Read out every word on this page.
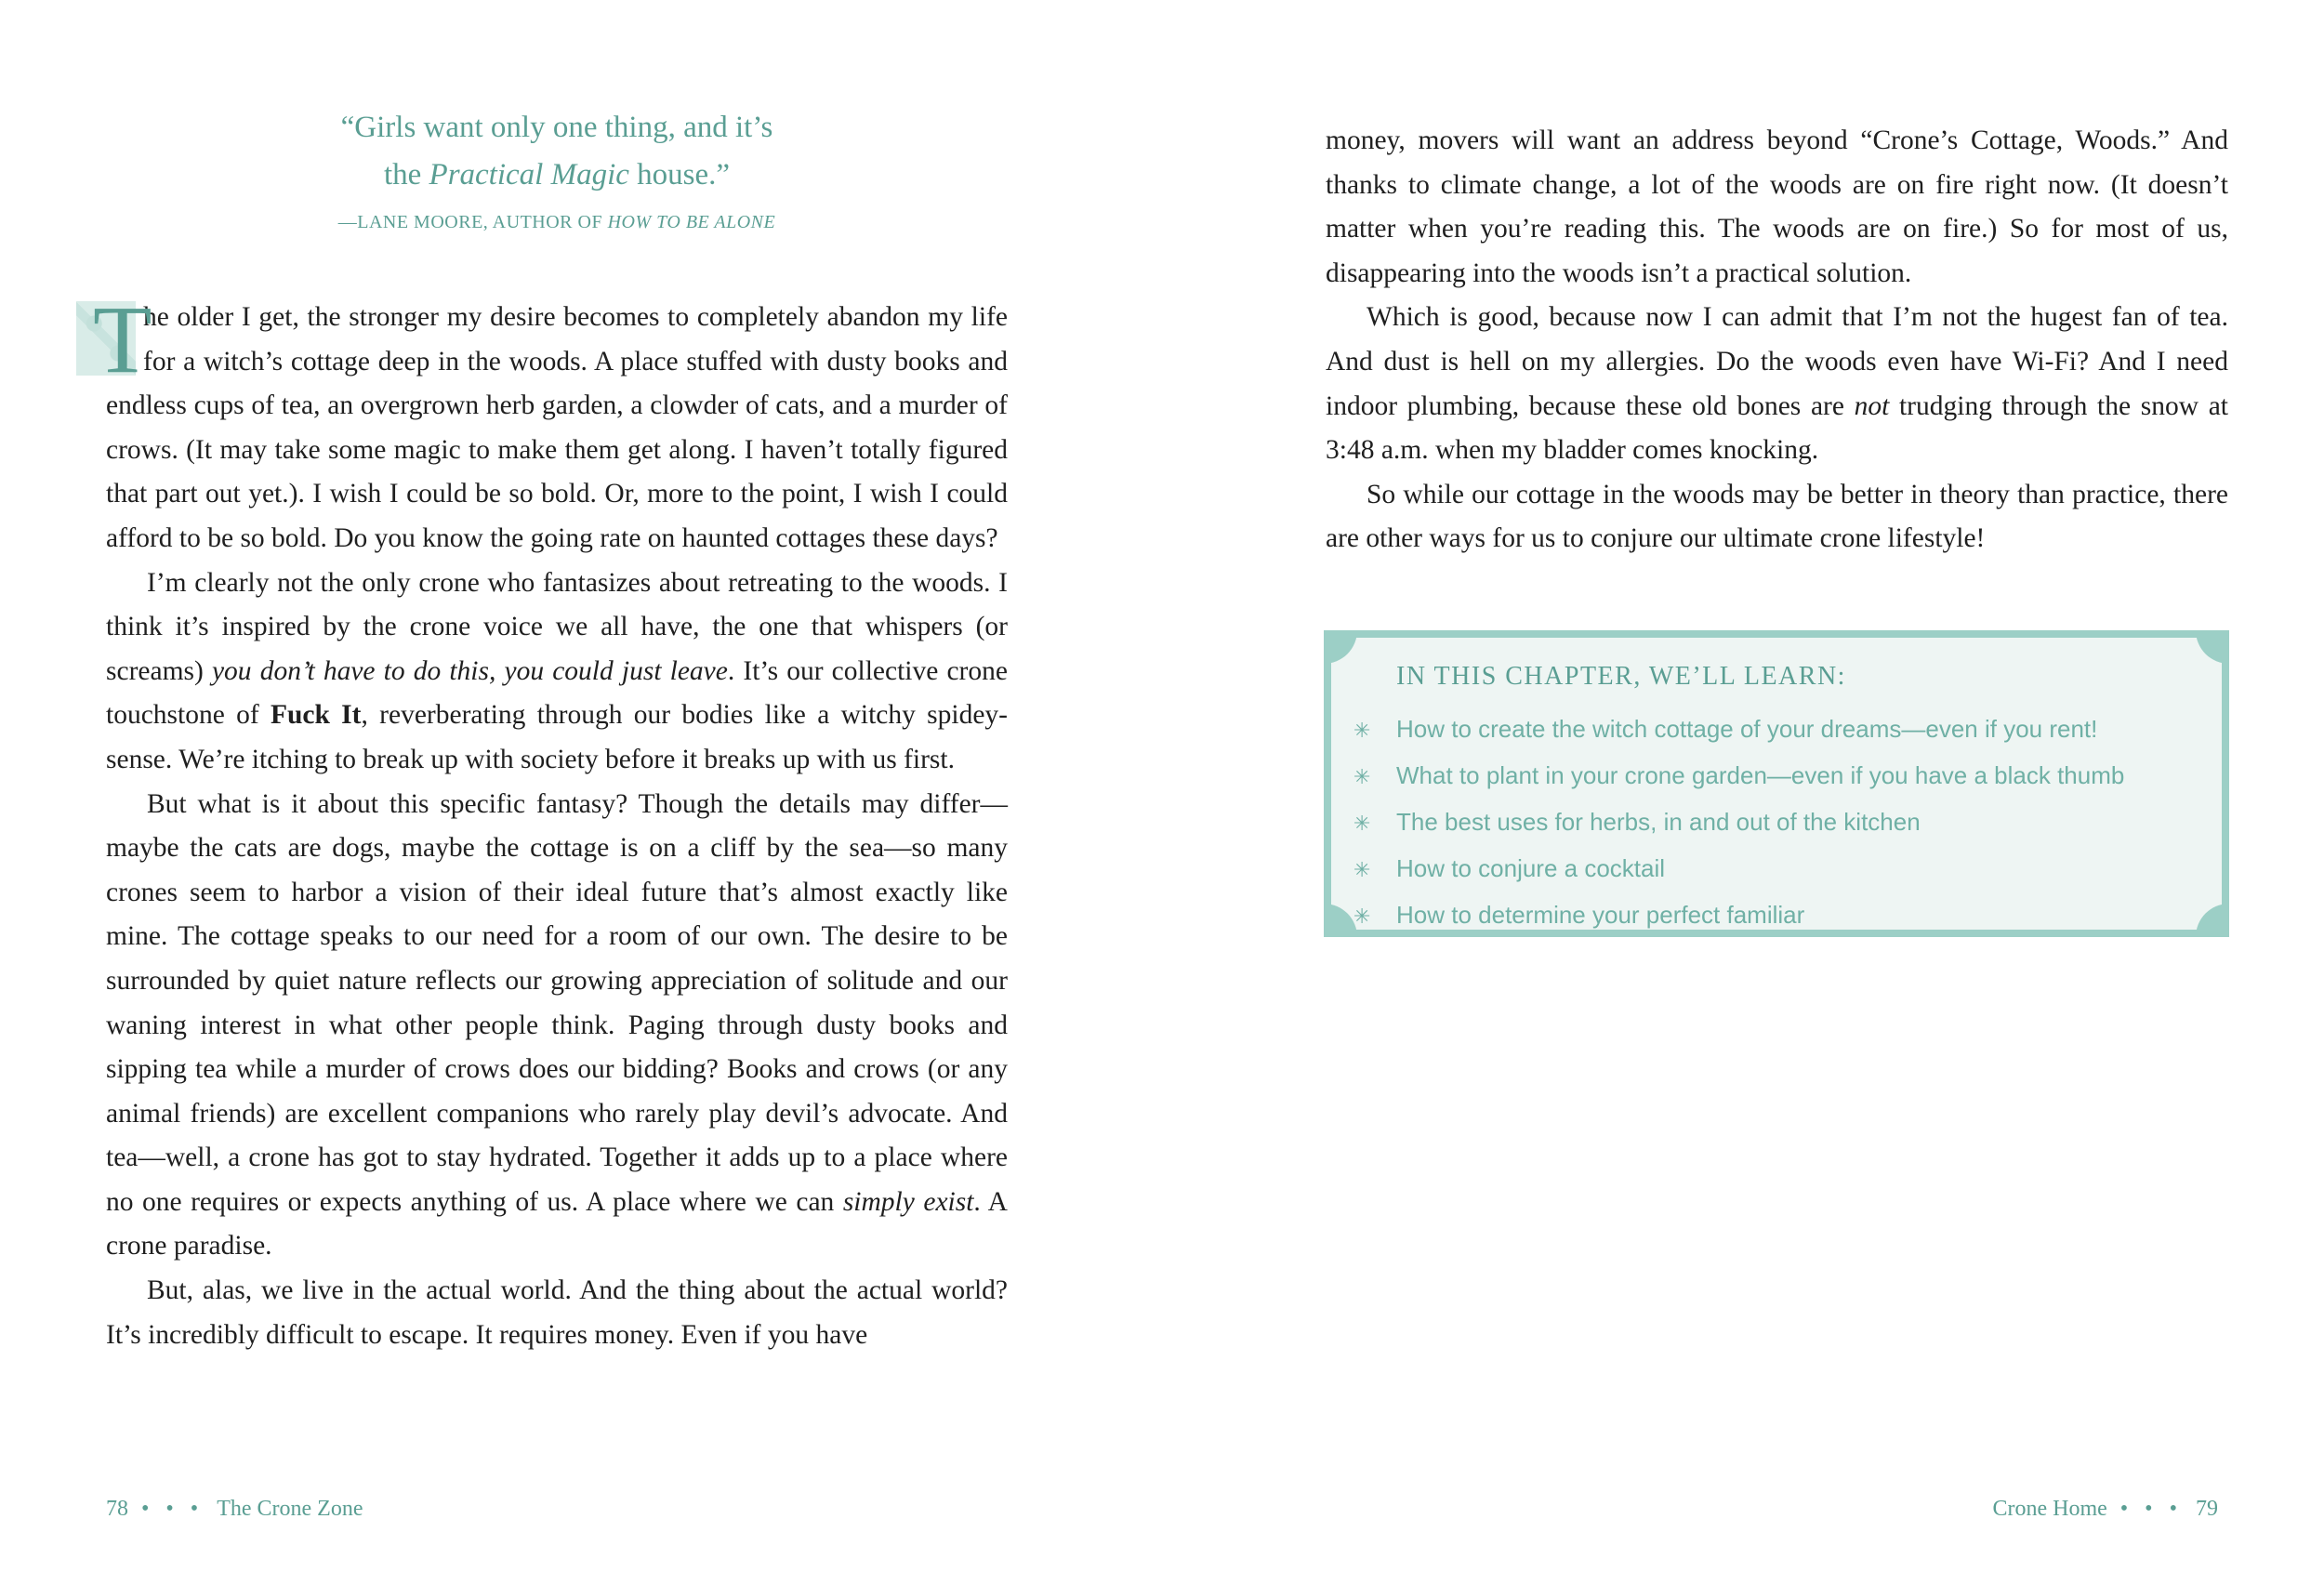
“Girls want only one thing, and it’s
the Practical Magic house.”
—LANE MOORE, AUTHOR OF HOW TO BE ALONE

T
he older I get, the stronger my desire becomes to completely abandon my life for a witch’s cottage deep in the woods. A place stuffed with dusty books and endless cups of tea, an overgrown herb garden, a clowder of cats, and a murder of crows. (It may take some magic to make them get along. I haven’t totally figured that part out yet.). I wish I could be so bold. Or, more to the point, I wish I could afford to be so bold. Do you know the going rate on haunted cottages these days?

I’m clearly not the only crone who fantasizes about retreating to the woods. I think it’s inspired by the crone voice we all have, the one that whispers (or screams) you don’t have to do this, you could just leave. It’s our collective crone touchstone of Fuck It, reverberating through our bodies like a witchy spidey-sense. We’re itching to break up with society before it breaks up with us first.

But what is it about this specific fantasy? Though the details may differ—maybe the cats are dogs, maybe the cottage is on a cliff by the sea—so many crones seem to harbor a vision of their ideal future that’s almost exactly like mine. The cottage speaks to our need for a room of our own. The desire to be surrounded by quiet nature reflects our growing appreciation of solitude and our waning interest in what other people think. Paging through dusty books and sipping tea while a murder of crows does our bidding? Books and crows (or any animal friends) are excellent companions who rarely play devil’s advocate. And tea—well, a crone has got to stay hydrated. Together it adds up to a place where no one requires or expects anything of us. A place where we can simply exist. A crone paradise.

But, alas, we live in the actual world. And the thing about the actual world? It’s incredibly difficult to escape. It requires money. Even if you have

78 • • • The Crone Zone

money, movers will want an address beyond “Crone’s Cottage, Woods.” And thanks to climate change, a lot of the woods are on fire right now. (It doesn’t matter when you’re reading this. The woods are on fire.) So for most of us, disappearing into the woods isn’t a practical solution.

Which is good, because now I can admit that I’m not the hugest fan of tea. And dust is hell on my allergies. Do the woods even have Wi-Fi? And I need indoor plumbing, because these old bones are not trudging through the snow at 3:48 a.m. when my bladder comes knocking.

So while our cottage in the woods may be better in theory than practice, there are other ways for us to conjure our ultimate crone lifestyle!

IN THIS CHAPTER, WE’LL LEARN:
✳ How to create the witch cottage of your dreams—even if you rent!
✳ What to plant in your crone garden—even if you have a black thumb
✳ The best uses for herbs, in and out of the kitchen
✳ How to conjure a cocktail
✳ How to determine your perfect familiar
Crone Home • • • 79
